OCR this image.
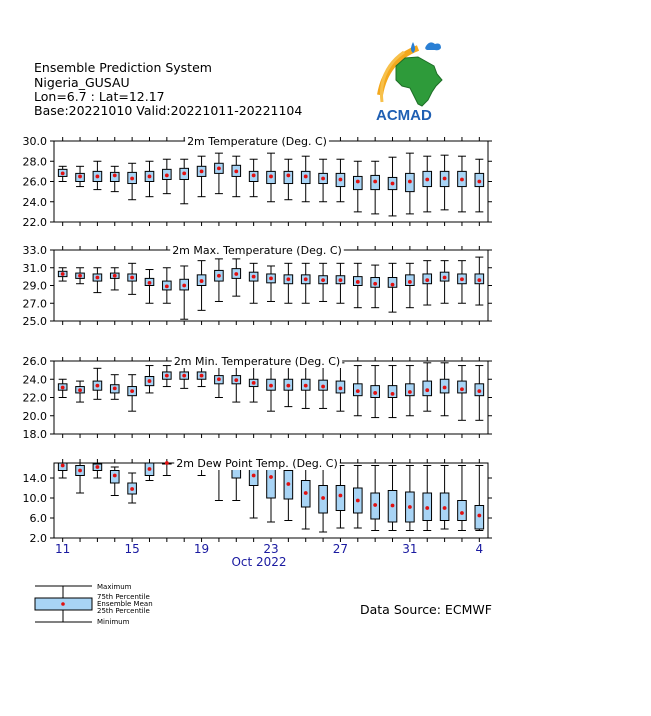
Ensemble Prediction System
Nigeria_GUSAU
Lon=6.7 : Lat=12.17
Base:20221010 Valid:20221011-20221104	ACMAD
22.0
24.0
26.0
28.0
30.0	2m Temperature (Deg. C)
25.0
27.0
29.0
31.0
33.0	2m Max. Temperature (Deg. C)
18.0
20.0
22.0
24.0
26.0	2m Min. Temperature (Deg. C)
2.0
6.0
10.0
14.0
2m Dew Point Temp. (Deg. C)
11	15	19	23	27	31	4
Oct 2022
Maximum
75th Percentile
Ensemble Mean
25th Percentile
Minimum
Data Source: ECMWF
